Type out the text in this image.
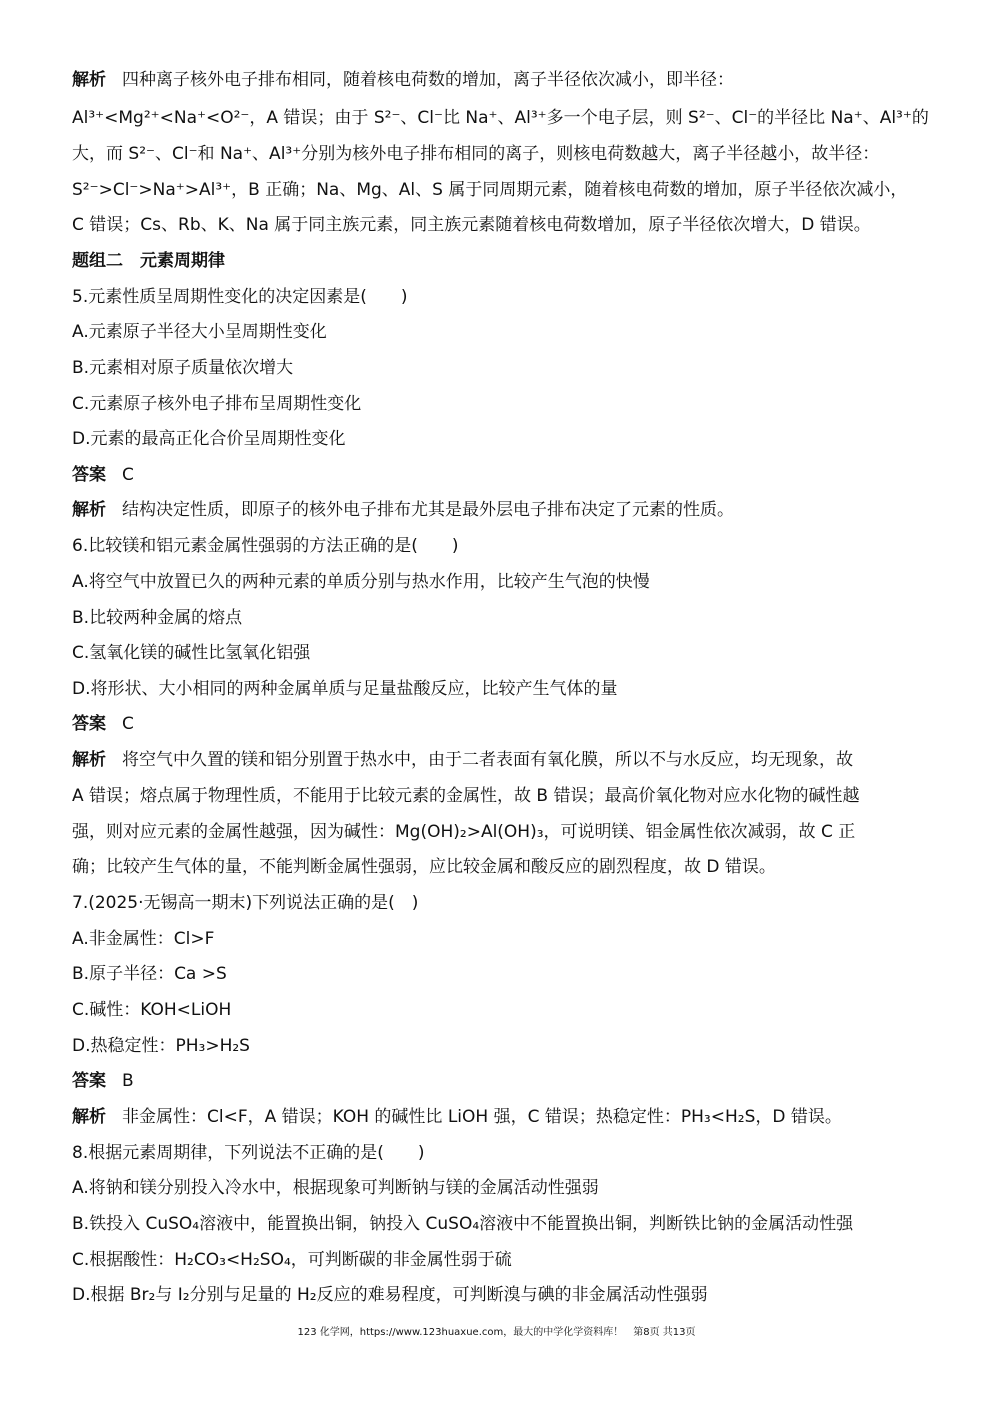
解析 四种离子核外电子排布相同，随着核电荷数的增加，离子半径依次减小，即半径：
Al³⁺<Mg²⁺<Na⁺<O²⁻，A 错误；由于 S²⁻、Cl⁻比 Na⁺、Al³⁺多一个电子层，则 S²⁻、Cl⁻的半径比 Na⁺、Al³⁺的
大，而 S²⁻、Cl⁻和 Na⁺、Al³⁺分别为核外电子排布相同的离子，则核电荷数越大，离子半径越小，故半径：
S²⁻>Cl⁻>Na⁺>Al³⁺，B 正确；Na、Mg、Al、S 属于同周期元素，随着核电荷数的增加，原子半径依次减小，
C 错误；Cs、Rb、K、Na 属于同主族元素，同主族元素随着核电荷数增加，原子半径依次增大，D 错误。
题组二　元素周期律
5.元素性质呈周期性变化的决定因素是(　　)
A.元素原子半径大小呈周期性变化
B.元素相对原子质量依次增大
C.元素原子核外电子排布呈周期性变化
D.元素的最高正化合价呈周期性变化
答案 C
解析 结构决定性质，即原子的核外电子排布尤其是最外层电子排布决定了元素的性质。
6.比较镁和铝元素金属性强弱的方法正确的是(　　)
A.将空气中放置已久的两种元素的单质分别与热水作用，比较产生气泡的快慢
B.比较两种金属的熔点
C.氢氧化镁的碱性比氢氧化铝强
D.将形状、大小相同的两种金属单质与足量盐酸反应，比较产生气体的量
答案 C
解析 将空气中久置的镁和铝分别置于热水中，由于二者表面有氧化膜，所以不与水反应，均无现象，故
A 错误；熔点属于物理性质，不能用于比较元素的金属性，故 B 错误；最高价氧化物对应水化物的碱性越
强，则对应元素的金属性越强，因为碱性：Mg(OH)₂>Al(OH)₃，可说明镁、铝金属性依次减弱，故 C 正
确；比较产生气体的量，不能判断金属性强弱，应比较金属和酸反应的剧烈程度，故 D 错误。
7.(2025·无锡高一期末)下列说法正确的是(　)
A.非金属性：Cl>F
B.原子半径：Ca >S
C.碱性：KOH<LiOH
D.热稳定性：PH₃>H₂S
答案 B
解析 非金属性：Cl<F，A 错误；KOH 的碱性比 LiOH 强，C 错误；热稳定性：PH₃<H₂S，D 错误。
8.根据元素周期律，下列说法不正确的是(　　)
A.将钠和镁分别投入冷水中，根据现象可判断钠与镁的金属活动性强弱
B.铁投入 CuSO₄溶液中，能置换出铜，钠投入 CuSO₄溶液中不能置换出铜，判断铁比钠的金属活动性强
C.根据酸性：H₂CO₃<H₂SO₄，可判断碳的非金属性弱于硫
D.根据 Br₂与 I₂分别与足量的 H₂反应的难易程度，可判断溴与碘的非金属活动性强弱
123 化学网，https://www.123huaxue.com，最大的中学化学资料库！　第8页 共13页
